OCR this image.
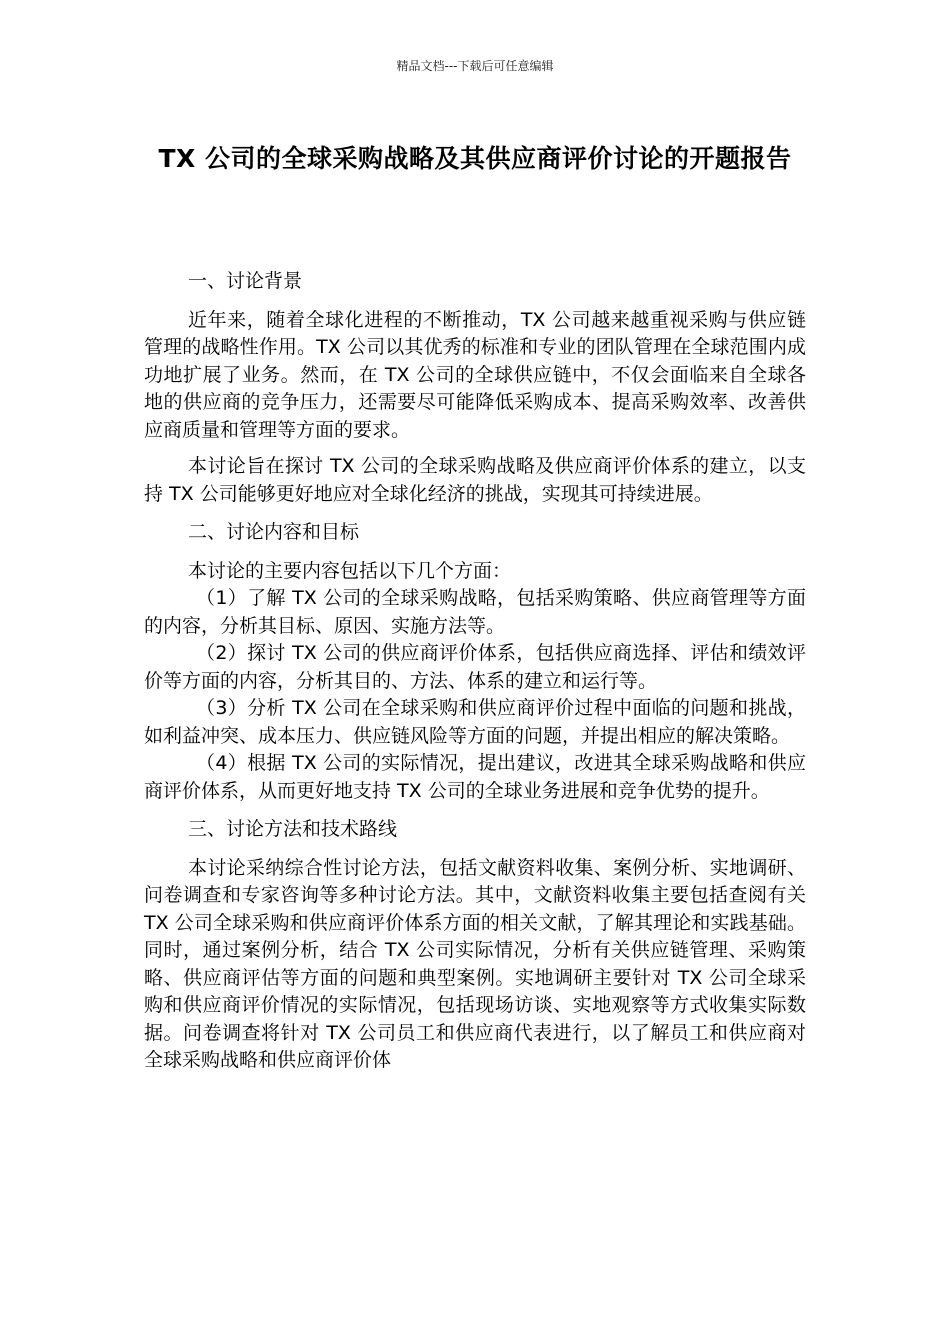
精品文档---下载后可任意编辑
TX 公司的全球采购战略及其供应商评价讨论的开题报告

一、讨论背景

近年来，随着全球化进程的不断推动，TX 公司越来越重视采购与供应链管理的战略性作用。TX 公司以其优秀的标准和专业的团队管理在全球范围内成功地扩展了业务。然而，在 TX 公司的全球供应链中，不仅会面临来自全球各地的供应商的竞争压力，还需要尽可能降低采购成本、提高采购效率、改善供应商质量和管理等方面的要求。

本讨论旨在探讨 TX 公司的全球采购战略及供应商评价体系的建立，以支持 TX 公司能够更好地应对全球化经济的挑战，实现其可持续进展。

二、讨论内容和目标

本讨论的主要内容包括以下几个方面：

（1）了解 TX 公司的全球采购战略，包括采购策略、供应商管理等方面的内容，分析其目标、原因、实施方法等。

（2）探讨 TX 公司的供应商评价体系，包括供应商选择、评估和绩效评价等方面的内容，分析其目的、方法、体系的建立和运行等。

（3）分析 TX 公司在全球采购和供应商评价过程中面临的问题和挑战，如利益冲突、成本压力、供应链风险等方面的问题，并提出相应的解决策略。

（4）根据 TX 公司的实际情况，提出建议，改进其全球采购战略和供应商评价体系，从而更好地支持 TX 公司的全球业务进展和竞争优势的提升。

三、讨论方法和技术路线

本讨论采纳综合性讨论方法，包括文献资料收集、案例分析、实地调研、问卷调查和专家咨询等多种讨论方法。其中，文献资料收集主要包括查阅有关 TX 公司全球采购和供应商评价体系方面的相关文献，了解其理论和实践基础。同时，通过案例分析，结合 TX 公司实际情况，分析有关供应链管理、采购策略、供应商评估等方面的问题和典型案例。实地调研主要针对 TX 公司全球采购和供应商评价情况的实际情况，包括现场访谈、实地观察等方式收集实际数据。问卷调查将针对 TX 公司员工和供应商代表进行，以了解员工和供应商对全球采购战略和供应商评价体
